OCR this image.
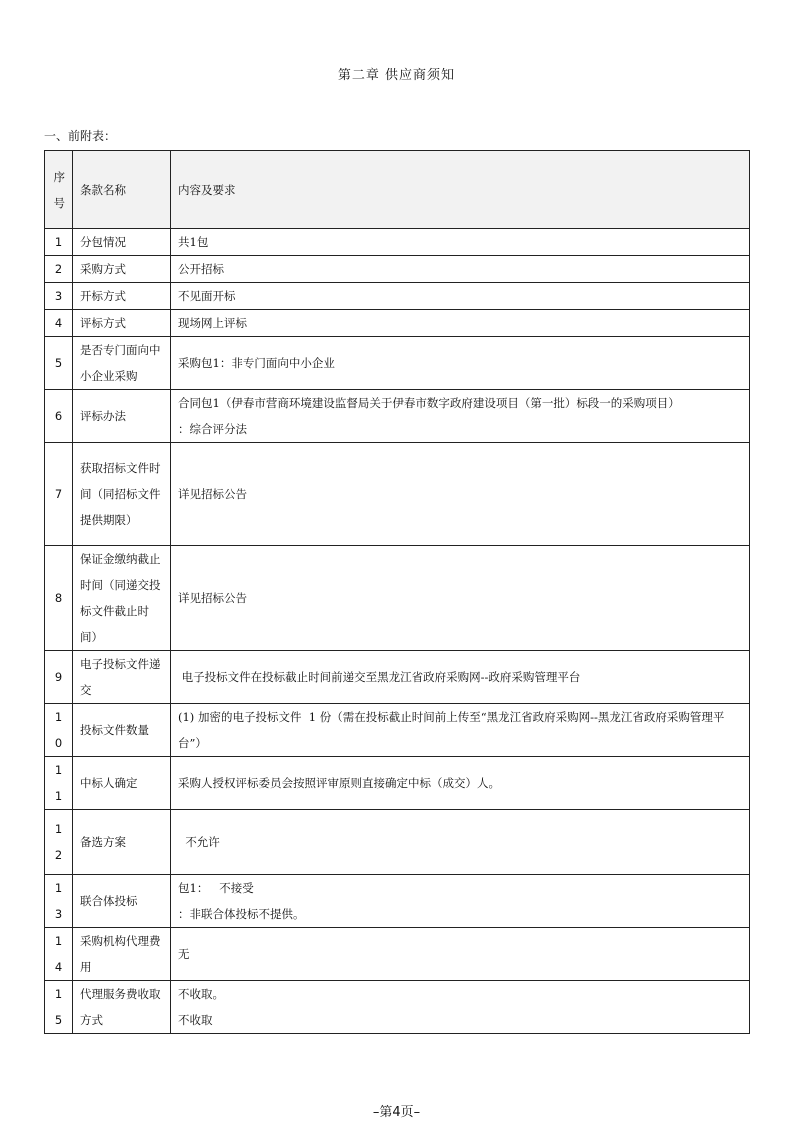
第二章 供应商须知
一、前附表：
序号	条款名称	内容及要求

1	分包情况	共1包

2	采购方式	公开招标

3	开标方式	不见面开标

4	评标方式	现场网上评标

5	是否专门面向中小企业采购	采购包1：非专门面向中小企业

6	评标办法	合同包1（伊春市营商环境建设监督局关于伊春市数字政府建设项目（第一批）标段一的采购项目）
：综合评分法

7	获取招标文件时间（同招标文件提供期限）	详见招标公告

8	保证金缴纳截止时间（同递交投标文件截止时间）	详见招标公告

9	电子投标文件递交	电子投标文件在投标截止时间前递交至黑龙江省政府采购网--政府采购管理平台

10	投标文件数量	(1) 加密的电子投标文件  1 份（需在投标截止时间前上传至“黑龙江省政府采购网--黑龙江省政府采购管理平台”）

11	中标人确定	采购人授权评标委员会按照评审原则直接确定中标（成交）人。

12	备选方案	不允许

13	联合体投标	包1：   不接受
：非联合体投标不提供。

14	采购机构代理费用	无

15	代理服务费收取方式	不收取。
不收取
–第4页–
